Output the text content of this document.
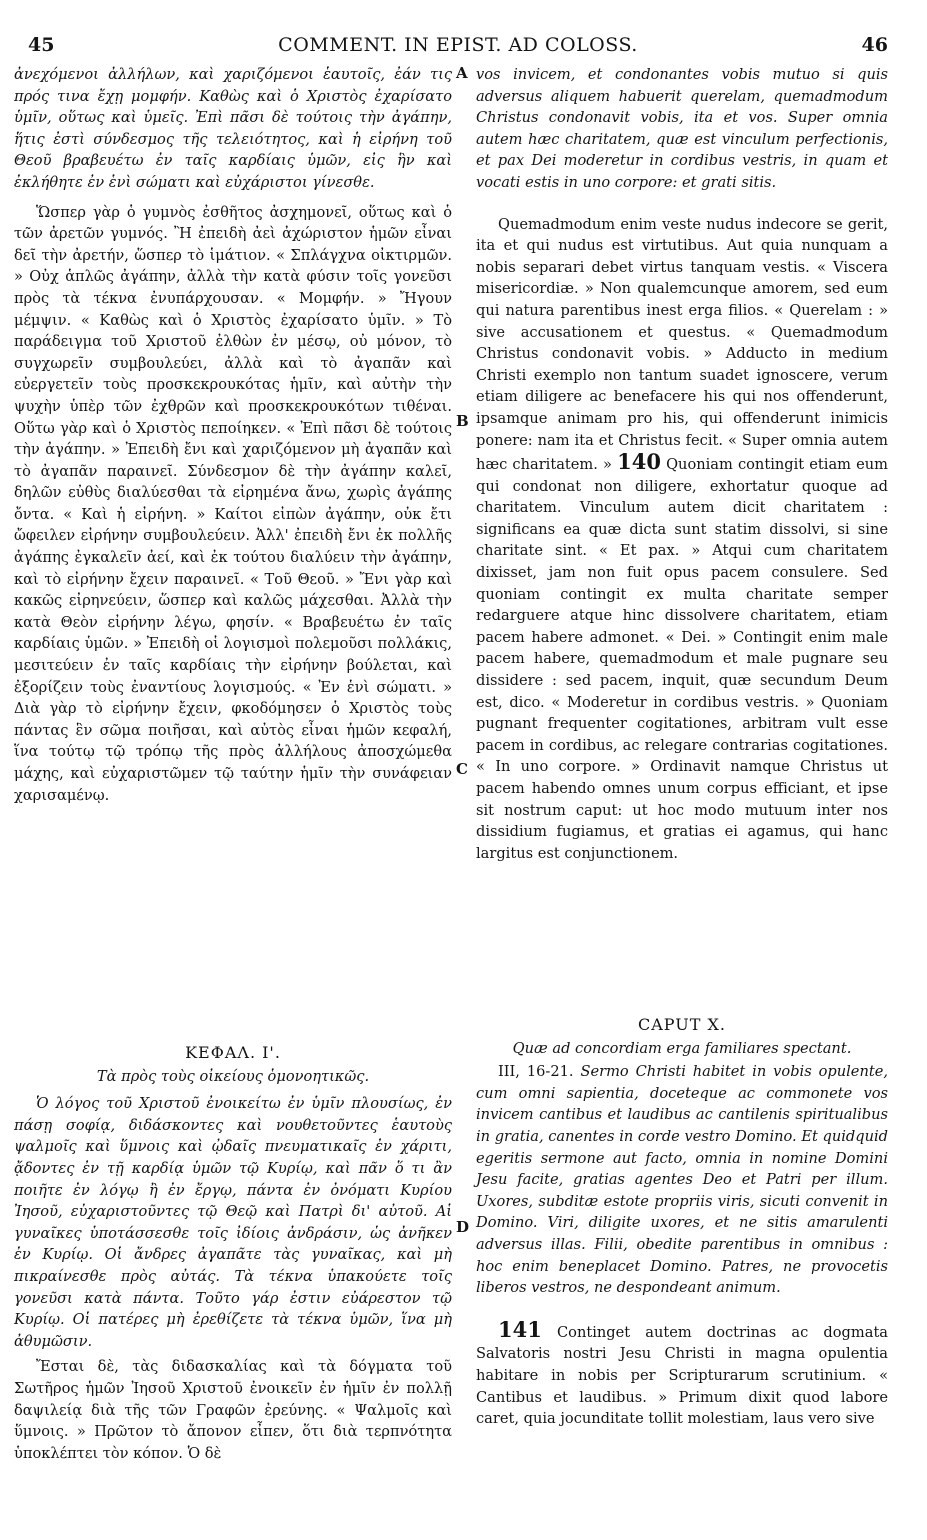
45	COMMENT. IN EPIST. AD COLOSS.	46
A
B
C
D

ἀνεχόμενοι ἀλλήλων, καὶ χαριζόμενοι ἑαυτοῖς, ἐάν τις πρός τινα ἔχῃ μομφήν. Καθὼς καὶ ὁ Χριστὸς ἐχαρίσατο ὑμῖν, οὕτως καὶ ὑμεῖς. Ἐπὶ πᾶσι δὲ τούτοις τὴν ἀγάπην, ἥτις ἐστὶ σύνδεσμος τῆς τελειότητος, καὶ ἡ εἰρήνη τοῦ Θεοῦ βραβευέτω ἐν ταῖς καρδίαις ὑμῶν, εἰς ἣν καὶ ἐκλήθητε ἐν ἑνὶ σώματι καὶ εὐχάριστοι γίνεσθε.

Ὥσπερ γὰρ ὁ γυμνὸς ἐσθῆτος ἀσχημονεῖ, οὕτως καὶ ὁ τῶν ἀρετῶν γυμνός. Ἢ ἐπειδὴ ἀεὶ ἀχώριστον ἡμῶν εἶναι δεῖ τὴν ἀρετήν, ὥσπερ τὸ ἱμάτιον. « Σπλάγχνα οἰκτιρμῶν. » Οὐχ ἁπλῶς ἀγάπην, ἀλλὰ τὴν κατὰ φύσιν τοῖς γονεῦσι πρὸς τὰ τέκνα ἐνυπάρχουσαν. « Μομφήν. » Ἤγουν μέμψιν. « Καθὼς καὶ ὁ Χριστὸς ἐχαρίσατο ὑμῖν. » Τὸ παράδειγμα τοῦ Χριστοῦ ἐλθὼν ἐν μέσῳ, οὐ μόνον, τὸ συγχωρεῖν συμβουλεύει, ἀλλὰ καὶ τὸ ἀγαπᾶν καὶ εὐεργετεῖν τοὺς προσκεκρουκότας ἡμῖν, καὶ αὐτὴν τὴν ψυχὴν ὑπὲρ τῶν ἐχθρῶν καὶ προσκεκρουκότων τιθέναι. Οὕτω γὰρ καὶ ὁ Χριστὸς πεποίηκεν. « Ἐπὶ πᾶσι δὲ τούτοις τὴν ἀγάπην. » Ἐπειδὴ ἔνι καὶ χαριζόμενον μὴ ἀγαπᾶν καὶ τὸ ἀγαπᾶν παραινεῖ. Σύνδεσμον δὲ τὴν ἀγάπην καλεῖ, δηλῶν εὐθὺς διαλύεσθαι τὰ εἰρημένα ἄνω, χωρὶς ἀγάπης ὄντα. « Καὶ ἡ εἰρήνη. » Καίτοι εἰπὼν ἀγάπην, οὐκ ἔτι ὤφειλεν εἰρήνην συμβουλεύειν. Ἀλλ' ἐπειδὴ ἔνι ἐκ πολλῆς ἀγάπης ἐγκαλεῖν ἀεί, καὶ ἐκ τούτου διαλύειν τὴν ἀγάπην, καὶ τὸ εἰρήνην ἔχειν παραινεῖ. « Τοῦ Θεοῦ. » Ἔνι γὰρ καὶ κακῶς εἰρηνεύειν, ὥσπερ καὶ καλῶς μάχεσθαι. Ἀλλὰ τὴν κατὰ Θεὸν εἰρήνην λέγω, φησίν. « Βραβευέτω ἐν ταῖς καρδίαις ὑμῶν. » Ἐπειδὴ οἱ λογισμοὶ πολεμοῦσι πολλάκις, μεσιτεύειν ἐν ταῖς καρδίαις τὴν εἰρήνην βούλεται, καὶ ἐξορίζειν τοὺς ἐναντίους λογισμούς. « Ἐν ἑνὶ σώματι. » Διὰ γὰρ τὸ εἰρήνην ἔχειν, φκοδόμησεν ὁ Χριστὸς τοὺς πάντας ἓν σῶμα ποιῆσαι, καὶ αὐτὸς εἶναι ἡμῶν κεφαλή, ἵνα τούτῳ τῷ τρόπῳ τῆς πρὸς ἀλλήλους ἀποσχώμεθα μάχης, καὶ εὐχαριστῶμεν τῷ ταύτην ἡμῖν τὴν συνάφειαν χαρισαμένῳ.

ΚΕΦΑΛ. Ι'.

Τὰ πρὸς τοὺς οἰκείους ὁμονοητικῶς.

Ὁ λόγος τοῦ Χριστοῦ ἐνοικείτω ἐν ὑμῖν πλουσίως, ἐν πάσῃ σοφίᾳ, διδάσκοντες καὶ νουθετοῦντες ἑαυτοὺς ψαλμοῖς καὶ ὕμνοις καὶ ᾠδαῖς πνευματικαῖς ἐν χάριτι, ᾄδοντες ἐν τῇ καρδίᾳ ὑμῶν τῷ Κυρίῳ, καὶ πᾶν ὅ τι ἂν ποιῆτε ἐν λόγῳ ἢ ἐν ἔργῳ, πάντα ἐν ὀνόματι Κυρίου Ἰησοῦ, εὐχαριστοῦντες τῷ Θεῷ καὶ Πατρὶ δι' αὐτοῦ. Αἱ γυναῖκες ὑποτάσσεσθε τοῖς ἰδίοις ἀνδράσιν, ὡς ἀνῆκεν ἐν Κυρίῳ. Οἱ ἄνδρες ἀγαπᾶτε τὰς γυναῖκας, καὶ μὴ πικραίνεσθε πρὸς αὐτάς. Τὰ τέκνα ὑπακούετε τοῖς γονεῦσι κατὰ πάντα. Τοῦτο γάρ ἐστιν εὐάρεστον τῷ Κυρίῳ. Οἱ πατέρες μὴ ἐρεθίζετε τὰ τέκνα ὑμῶν, ἵνα μὴ ἀθυμῶσιν.

Ἔσται δὲ, τὰς διδασκαλίας καὶ τὰ δόγματα τοῦ Σωτῆρος ἡμῶν Ἰησοῦ Χριστοῦ ἐνοικεῖν ἐν ἡμῖν ἐν πολλῇ δαψιλείᾳ διὰ τῆς τῶν Γραφῶν ἐρεύνης. « Ψαλμοῖς καὶ ὕμνοις. » Πρῶτον τὸ ἄπονον εἶπεν, ὅτι διὰ τερπνότητα ὑποκλέπτει τὸν κόπον. Ὁ δὲ

vos invicem, et condonantes vobis mutuo si quis adversus aliquem habuerit querelam, quemadmodum Christus condonavit vobis, ita et vos. Super omnia autem hæc charitatem, quæ est vinculum perfectionis, et pax Dei moderetur in cordibus vestris, in quam et vocati estis in uno corpore: et grati sitis.

Quemadmodum enim veste nudus indecore se gerit, ita et qui nudus est virtutibus. Aut quia nunquam a nobis separari debet virtus tanquam vestis. « Viscera misericordiæ. » Non qualemcunque amorem, sed eum qui natura parentibus inest erga filios. « Querelam : » sive accusationem et questus. « Quemadmodum Christus condonavit vobis. » Adducto in medium Christi exemplo non tantum suadet ignoscere, verum etiam diligere ac benefacere his qui nos offenderunt, ipsamque animam pro his, qui offenderunt inimicis ponere: nam ita et Christus fecit. « Super omnia autem hæc charitatem. » 140 Quoniam contingit etiam eum qui condonat non diligere, exhortatur quoque ad charitatem. Vinculum autem dicit charitatem : significans ea quæ dicta sunt statim dissolvi, si sine charitate sint. « Et pax. » Atqui cum charitatem dixisset, jam non fuit opus pacem consulere. Sed quoniam contingit ex multa charitate semper redarguere atque hinc dissolvere charitatem, etiam pacem habere admonet. « Dei. » Contingit enim male pacem habere, quemadmodum et male pugnare seu dissidere : sed pacem, inquit, quæ secundum Deum est, dico. « Moderetur in cordibus vestris. » Quoniam pugnant frequenter cogitationes, arbitram vult esse pacem in cordibus, ac relegare contrarias cogitationes. « In uno corpore. » Ordinavit namque Christus ut pacem habendo omnes unum corpus efficiant, et ipse sit nostrum caput: ut hoc modo mutuum inter nos dissidium fugiamus, et gratias ei agamus, qui hanc largitus est conjunctionem.

CAPUT X.

Quæ ad concordiam erga familiares spectant.

III, 16-21. Sermo Christi habitet in vobis opulente, cum omni sapientia, doceteque ac commonete vos invicem cantibus et laudibus ac cantilenis spiritualibus in gratia, canentes in corde vestro Domino. Et quidquid egeritis sermone aut facto, omnia in nomine Domini Jesu facite, gratias agentes Deo et Patri per illum. Uxores, subditæ estote propriis viris, sicuti convenit in Domino. Viri, diligite uxores, et ne sitis amarulenti adversus illas. Filii, obedite parentibus in omnibus : hoc enim beneplacet Domino. Patres, ne provocetis liberos vestros, ne despondeant animum.

141 Continget autem doctrinas ac dogmata Salvatoris nostri Jesu Christi in magna opulentia habitare in nobis per Scripturarum scrutinium. « Cantibus et laudibus. » Primum dixit quod labore caret, quia jocunditate tollit molestiam, laus vero sive
